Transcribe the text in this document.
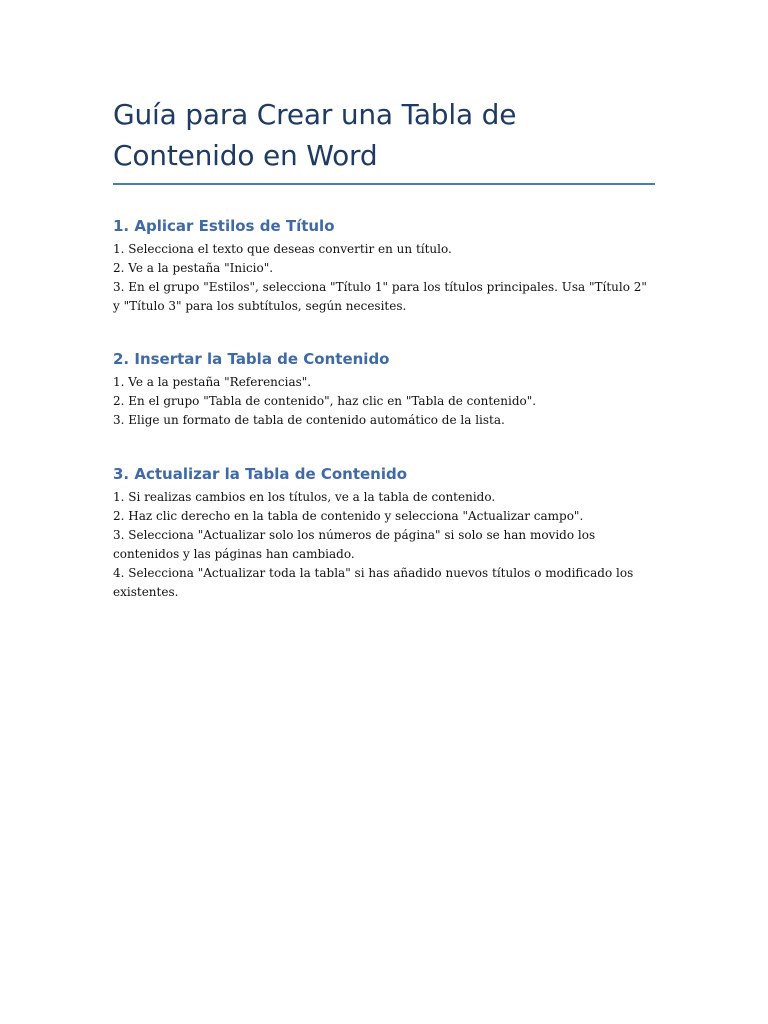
Guía para Crear una Tabla de Contenido en Word
1. Aplicar Estilos de Título
1. Selecciona el texto que deseas convertir en un título.
2. Ve a la pestaña "Inicio".
3. En el grupo "Estilos", selecciona "Título 1" para los títulos principales. Usa "Título 2" y "Título 3" para los subtítulos, según necesites.
2. Insertar la Tabla de Contenido
1. Ve a la pestaña "Referencias".
2. En el grupo "Tabla de contenido", haz clic en "Tabla de contenido".
3. Elige un formato de tabla de contenido automático de la lista.
3. Actualizar la Tabla de Contenido
1. Si realizas cambios en los títulos, ve a la tabla de contenido.
2. Haz clic derecho en la tabla de contenido y selecciona "Actualizar campo".
3. Selecciona "Actualizar solo los números de página" si solo se han movido los contenidos y las páginas han cambiado.
4. Selecciona "Actualizar toda la tabla" si has añadido nuevos títulos o modificado los existentes.
